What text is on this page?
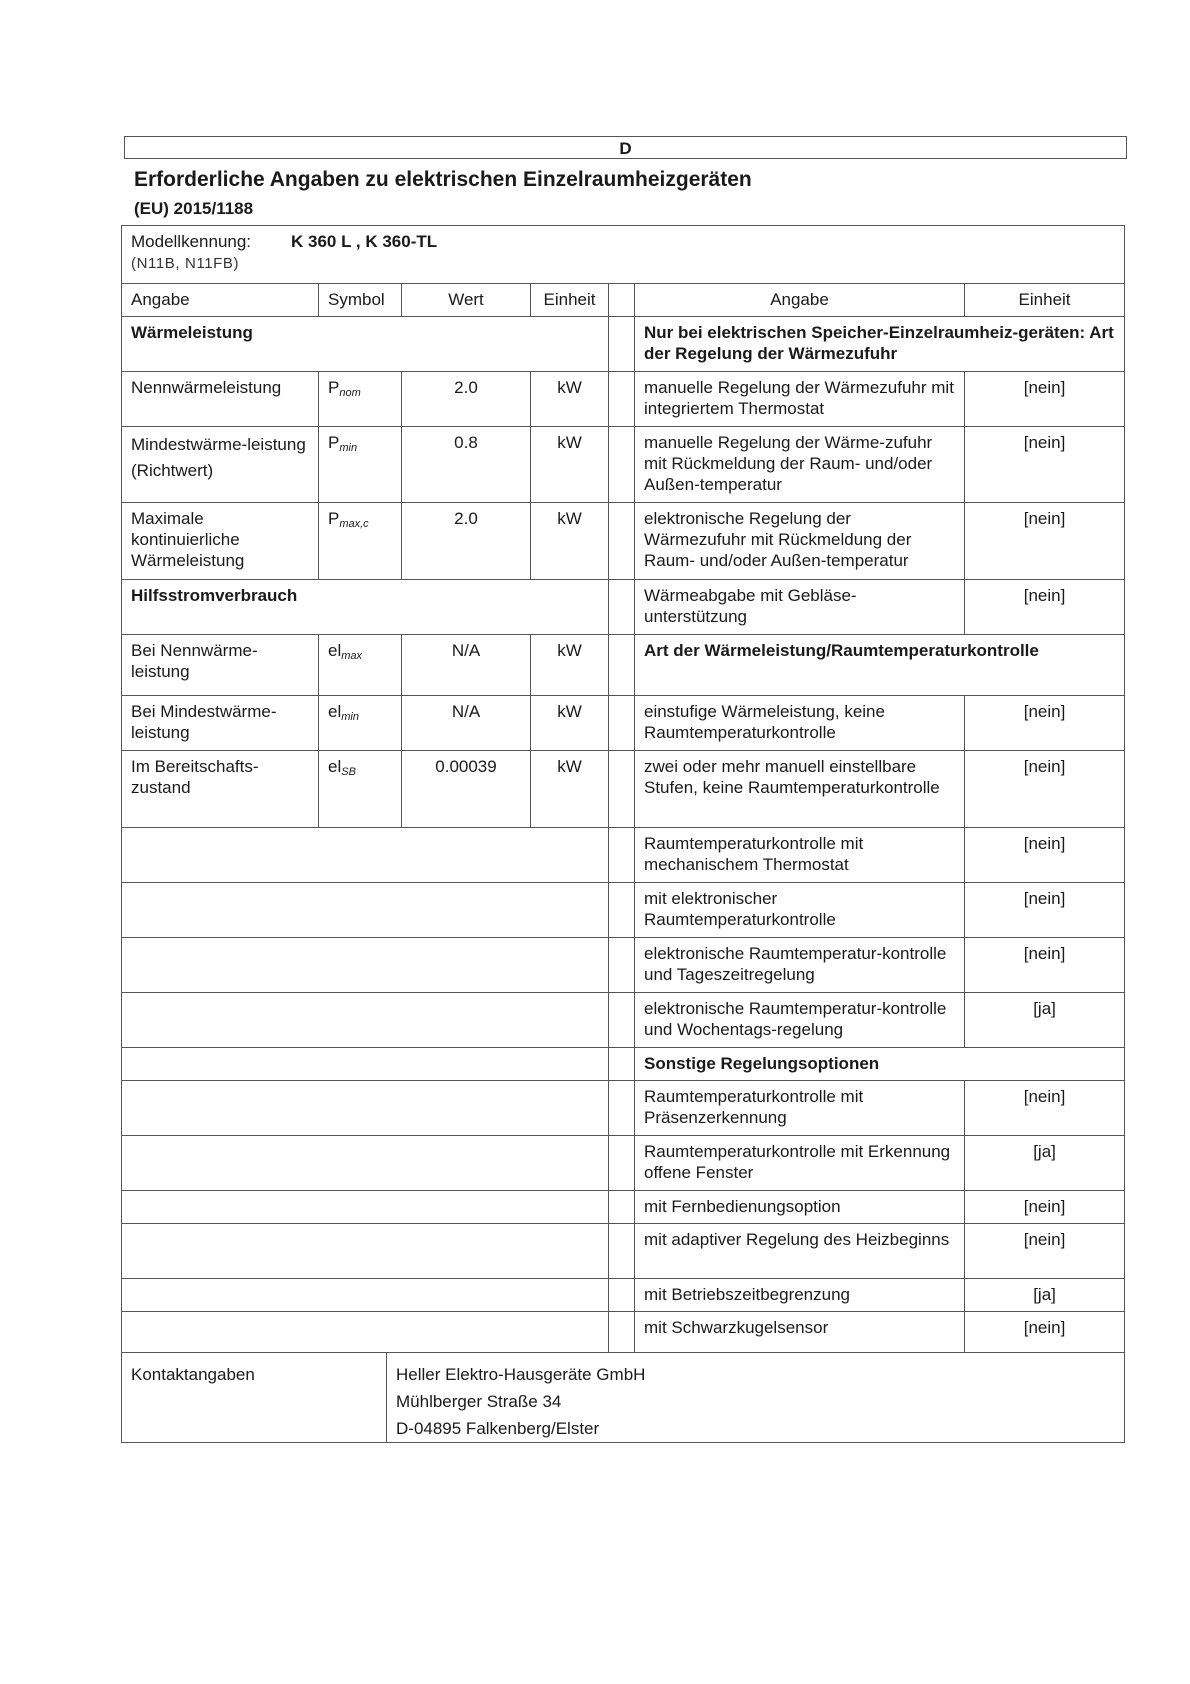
D
Erforderliche Angaben zu elektrischen Einzelraumheizgeräten
(EU) 2015/1188
Modellkennung: K 360 L , K 360-TL
(N11B, N11FB)						
Angabe	Symbol	Wert	Einheit		Angabe	Einheit
Wärmeleistung					Nur bei elektrischen Speicher-Einzelraumheiz-geräten: Art der Regelung der Wärmezufuhr	
Nennwärmeleistung	$P_{nom}$	2.0	kW		manuelle Regelung der Wärmezufuhr mit integriertem Thermostat	[nein]
Mindestwärme-leistung (Richtwert)	$P_{min}$	0.8	kW		manuelle Regelung der Wärme-zufuhr mit Rückmeldung der Raum- und/oder Außen-temperatur	[nein]
Maximale kontinuierliche Wärmeleistung	$P_{max,c}$	2.0	kW		elektronische Regelung der Wärmezufuhr mit Rückmeldung der Raum- und/oder Außen-temperatur	[nein]
Hilfsstromverbrauch					Wärmeabgabe mit Gebläse-unterstützung	[nein]
Bei Nennwärme-leistung	$el_{max}$	N/A	kW		Art der Wärmeleistung/Raumtemperaturkontrolle	
Bei Mindestwärme-leistung	$el_{min}$	N/A	kW		einstufige Wärmeleistung, keine Raumtemperaturkontrolle	[nein]
Im Bereitschafts-zustand	$el_{SB}$	0.00039	kW		zwei oder mehr manuell einstellbare Stufen, keine Raumtemperaturkontrolle	[nein]
					Raumtemperaturkontrolle mit mechanischem Thermostat	[nein]
					mit elektronischer Raumtemperaturkontrolle	[nein]
					elektronische Raumtemperatur-kontrolle und Tageszeitregelung	[nein]
					elektronische Raumtemperatur-kontrolle und Wochentags-regelung	[ja]
					Sonstige Regelungsoptionen	
					Raumtemperaturkontrolle mit Präsenzerkennung	[nein]
					Raumtemperaturkontrolle mit Erkennung offene Fenster	[ja]
					mit Fernbedienungsoption	[nein]
					mit adaptiver Regelung des Heizbeginns	[nein]
					mit Betriebszeitbegrenzung	[ja]
					mit Schwarzkugelsensor	[nein]
Kontaktangaben	Heller Elektro-Hausgeräte GmbH
Mühlberger Straße 34
D-04895 Falkenberg/Elster
